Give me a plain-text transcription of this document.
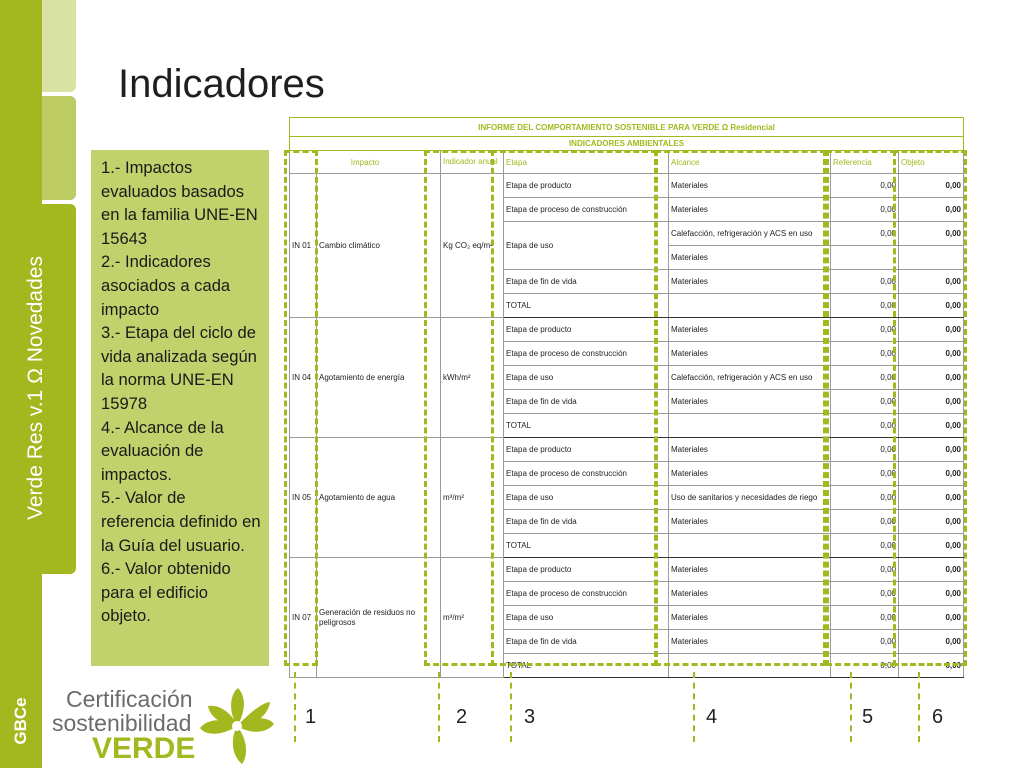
Verde Res v.1 Ω Novedades
GBCe
Indicadores

1.- Impactos evaluados basados en la familia UNE-EN 15643

2.- Indicadores asociados a cada impacto

3.- Etapa del ciclo de vida analizada según la norma UNE-EN 15978

4.- Alcance de la evaluación de impactos.

5.- Valor de referencia definido en la Guía del usuario.

6.- Valor obtenido para el edificio objeto.

INFORME DEL COMPORTAMIENTO SOSTENIBLE PARA VERDE Ω Residencial						
INDICADORES AMBIENTALES						
Impacto		Indicador anual	Etapa	Alcance	Referencia	Objeto
IN 01	Cambio climático	Kg CO₂ eq/m²	Etapa de producto	Materiales	0,00	0,00
			Etapa de proceso de construcción	Materiales	0,00	0,00
			Etapa de uso	Calefacción, refrigeración y ACS en uso	0,00	0,00
				Materiales		
			Etapa de fin de vida	Materiales	0,00	0,00
			TOTAL		0,00	0,00
IN 04	Agotamiento de energía	kWh/m²	Etapa de producto	Materiales	0,00	0,00
			Etapa de proceso de construcción	Materiales	0,00	0,00
			Etapa de uso	Calefacción, refrigeración y ACS en uso	0,00	0,00
			Etapa de fin de vida	Materiales	0,00	0,00
			TOTAL		0,00	0,00
IN 05	Agotamiento de agua	m³/m²	Etapa de producto	Materiales	0,00	0,00
			Etapa de proceso de construcción	Materiales	0,00	0,00
			Etapa de uso	Uso de sanitarios y necesidades de riego	0,00	0,00
			Etapa de fin de vida	Materiales	0,00	0,00
			TOTAL		0,00	0,00
IN 07	Generación de residuos no peligrosos	m³/m²	Etapa de producto	Materiales	0,00	0,00
			Etapa de proceso de construcción	Materiales	0,00	0,00
			Etapa de uso	Materiales	0,00	0,00
			Etapa de fin de vida	Materiales	0,00	0,00
			TOTAL		0,00	0,00
1	2	3	4	5	6
Certificación
sostenibilidad
VERDE
